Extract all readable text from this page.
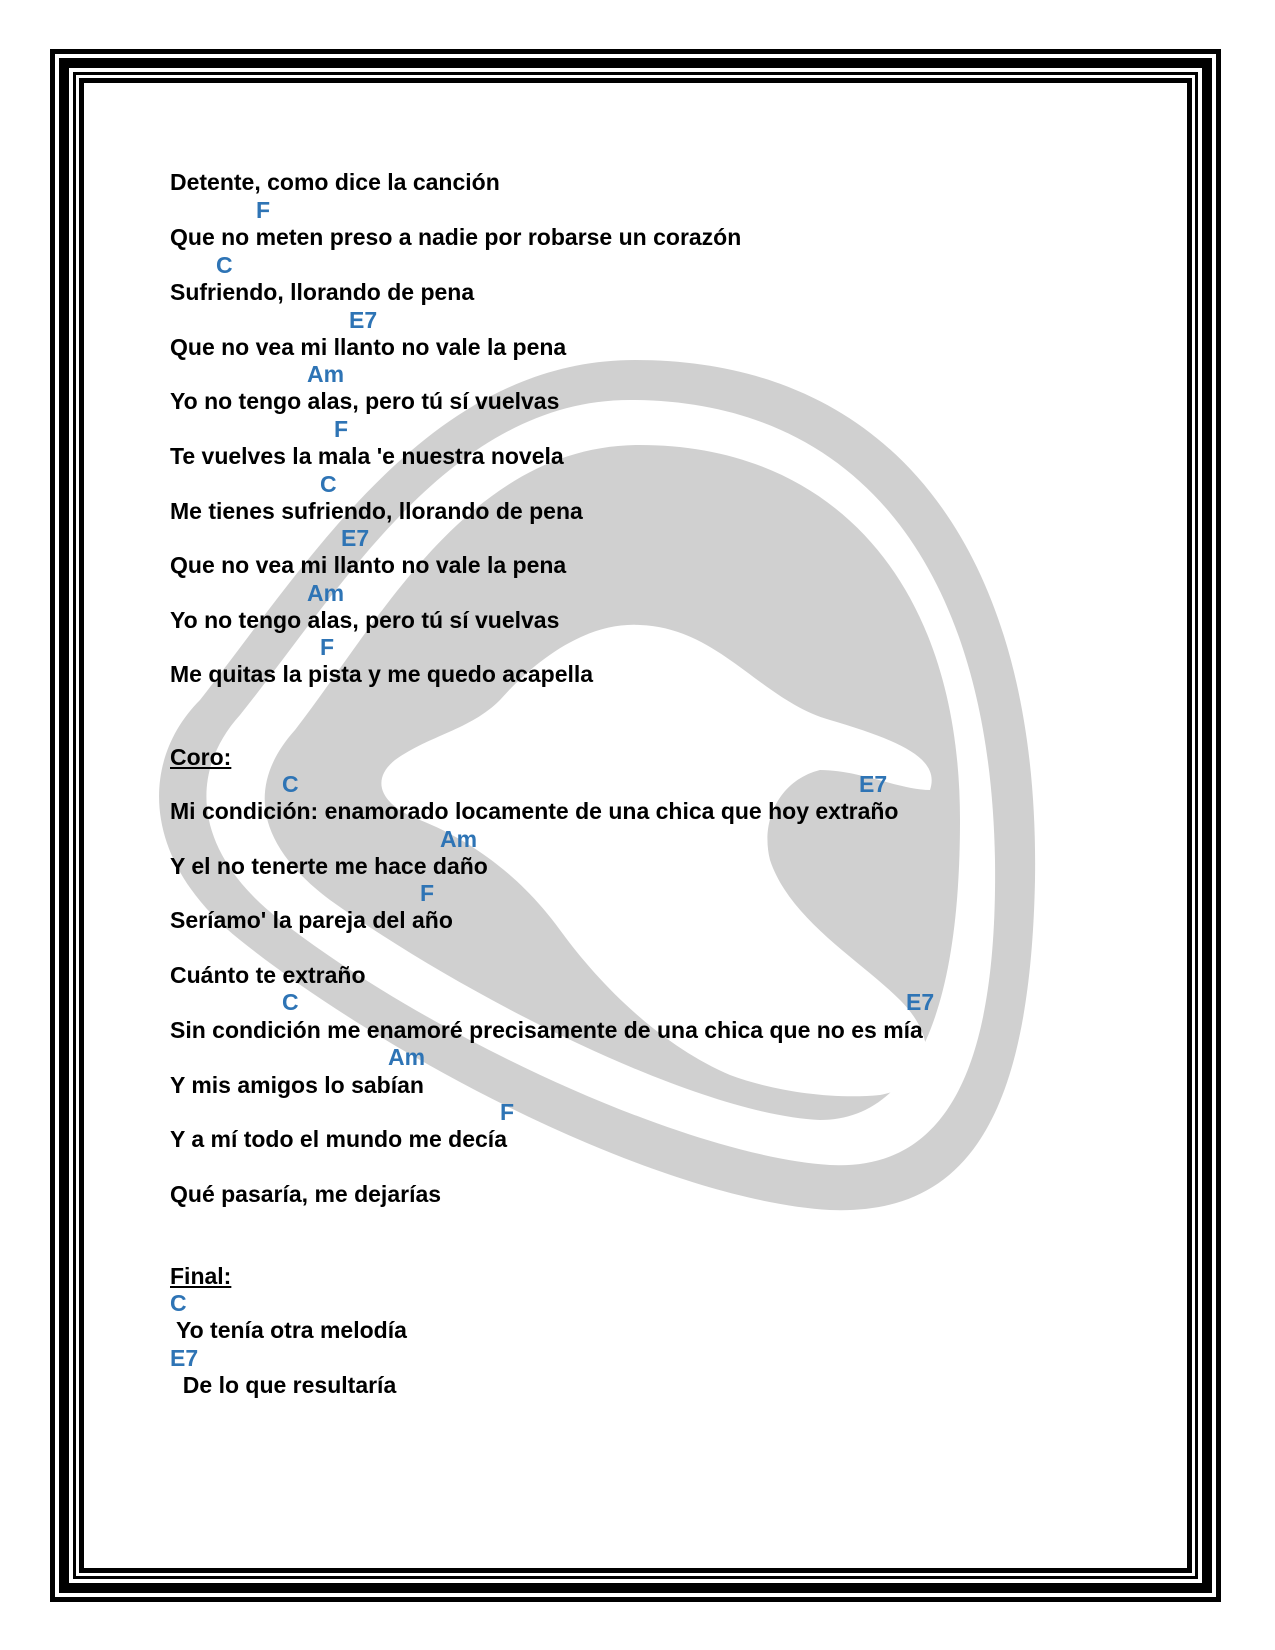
Detente, como dice la canción
F
Que no meten preso a nadie por robarse un corazón
C
Sufriendo, llorando de pena
E7
Que no vea mi llanto no vale la pena
Am
Yo no tengo alas, pero tú sí vuelvas
F
Te vuelves la mala 'e nuestra novela
C
Me tienes sufriendo, llorando de pena
E7
Que no vea mi llanto no vale la pena
Am
Yo no tengo alas, pero tú sí vuelvas
F
Me quitas la pista y me quedo acapella
Coro:
C	E7
Mi condición: enamorado locamente de una chica que hoy extraño
Am
Y el no tenerte me hace daño
F
Seríamo' la pareja del año
Cuánto te extraño
C	E7
Sin condición me enamoré precisamente de una chica que no es mía
Am
Y mis amigos lo sabían
F
Y a mí todo el mundo me decía
Qué pasaría, me dejarías
Final:
C
Yo tenía otra melodía
E7
De lo que resultaría
